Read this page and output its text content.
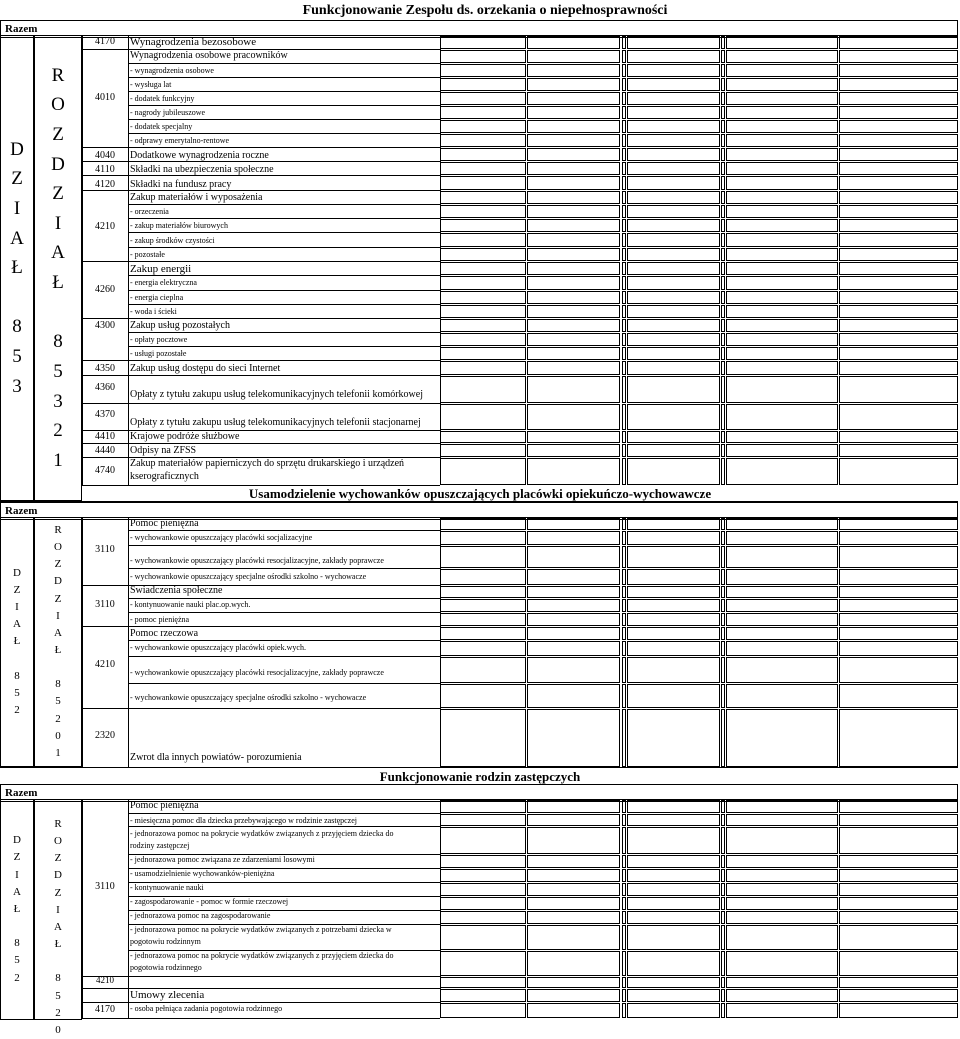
Funkcjonowanie Zespołu ds. orzekania o niepełnosprawności
Razem
D
Z
I
A
Ł

8
5
3
R
O
Z
D
Z
I
A
Ł

8
5
3
2
1
4170
4010
4040
4110
4120
4210
4260
4300
4350
4360
4370
4410
4440
4740
Wynagrodzenia bezosobowe
Wynagrodzenia osobowe pracowników
- wynagrodzenia osobowe
- wysługa lat
- dodatek funkcyjny
- nagrody jubileuszowe
- dodatek specjalny
- odprawy emerytalno-rentowe
Dodatkowe wynagrodzenia roczne
Składki na ubezpieczenia społeczne
Składki na fundusz pracy
Zakup materiałów i wyposażenia
- orzeczenia
- zakup materiałów biurowych
- zakup środków czystości
- pozostałe
Zakup energii
- energia elektryczna
- energia cieplna
- woda i ścieki
Zakup usług pozostałych
- opłaty pocztowe
- usługi pozostałe
Zakup usług dostępu do sieci Internet
Opłaty z tytułu zakupu usług telekomunikacyjnych telefonii komórkowej
Opłaty z tytułu zakupu usług telekomunikacyjnych telefonii stacjonarnej
Krajowe podróże służbowe
Odpisy na ZFSS
Zakup materiałów papierniczych do sprzętu drukarskiego i urządzeń
kserograficznych
Usamodzielenie wychowanków opuszczających placówki opiekuńczo-wychowawcze
Razem
D
Z
I
A
Ł

8
5
2
R
O
Z
D
Z
I
A
Ł

8
5
2
0
1
3110
3110
4210
2320
Pomoc pieniężna
- wychowankowie opuszczający placówki socjalizacyjne
- wychowankowie opuszczający placówki resocjalizacyjne, zakłady poprawcze
- wychowankowie opuszczający specjalne ośrodki szkolno - wychowacze
Swiadczenia społeczne
- kontynuowanie nauki plac.op.wych.
- pomoc pieniężna
Pomoc rzeczowa
- wychowankowie opuszczający placówki opiek.wych.
- wychowankowie opuszczający placówki resocjalizacyjne, zakłady poprawcze
- wychowankowie opuszczający specjalne ośrodki szkolno - wychowacze
Zwrot dla innych powiatów- porozumienia
Funkcjonowanie rodzin zastępczych
Razem
D
Z
I
A
Ł

8
5
2
R
O
Z
D
Z
I
A
Ł

8
5
2
0
3110
4210
4170
Pomoc pieniężna
- miesięczna pomoc dla dziecka przebywającego w rodzinie zastępczej
- jednorazowa pomoc na pokrycie wydatków związanych z przyjęciem dziecka do
rodziny zastępczej
- jednorazowa pomoc związana ze zdarzeniami losowymi
- usamodzielnienie wychowanków-pieniężna
- kontynuowanie nauki
- zagospodarowanie - pomoc w formie rzeczowej
- jednorazowa pomoc na zagospodarowanie
- jednorazowa pomoc na pokrycie wydatków związanych z potrzebami dziecka w
pogotowiu rodzinnym
- jednorazowa pomoc na pokrycie wydatków związanych z przyjęciem dziecka do
pogotowia rodzinnego
Umowy zlecenia
- osoba pełniąca zadania pogotowia rodzinnego
